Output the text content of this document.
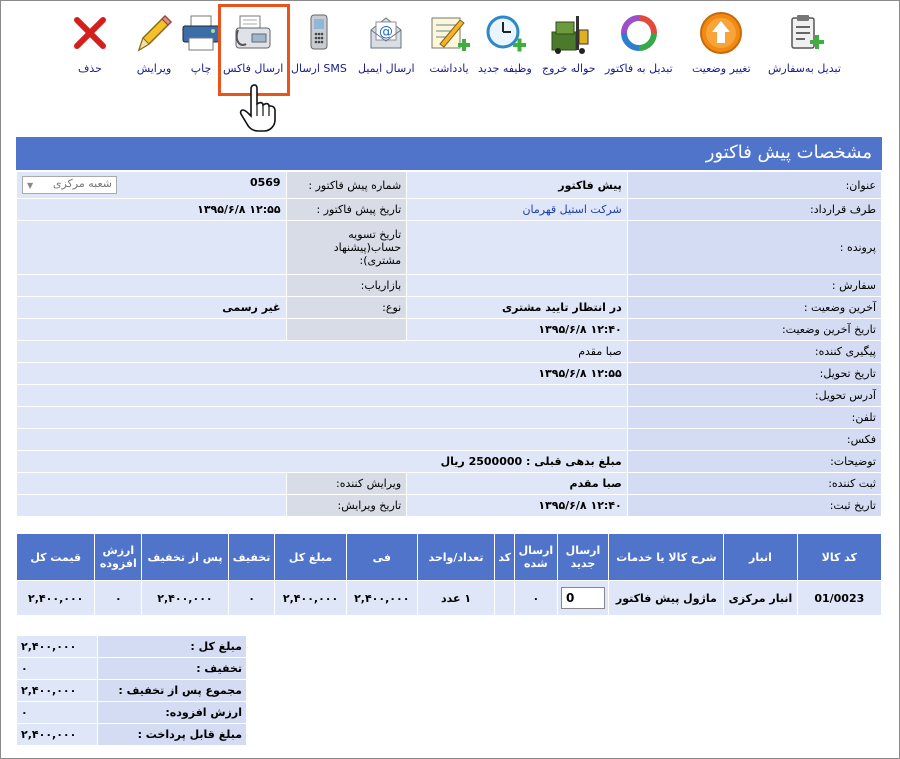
تبدیل به‌سفارش
تغییر وضعیت
تبدیل به فاکتور
حواله خروج
وظیفه جدید
یادداشت
@
ارسال ایمیل
ارسال SMS
ارسال فاکس
چاپ
ویرایش
حذف
مشخصات پیش فاکتور
عنوان:	پیش فاکتور	شماره پیش فاکتور :	0569
شعبه مرکزی
▼

طرف قرارداد:	شرکت استیل قهرمان	تاریخ پیش فاکتور :	۱۲:۵۵ ۱۳۹۵/۶/۸
پرونده :		تاریخ تسویه حساب(پیشنهاد مشتری):	
سفارش :		بازاریاب:	
آخرین وضعیت :	در انتظار تایید مشتری	نوع:	غیر رسمی
تاریخ آخرین وضعیت:	۱۲:۴۰ ۱۳۹۵/۶/۸		
پیگیری کننده:	صبا مقدم		
تاریخ تحویل:	۱۲:۵۵ ۱۳۹۵/۶/۸		
آدرس تحویل:			
تلفن:			
فکس:			
توضیحات:	مبلغ بدهی قبلی : 2500000 ریال		
ثبت کننده:	صبا مقدم	ویرایش کننده:	
تاریخ ثبت:	۱۲:۴۰ ۱۳۹۵/۶/۸	تاریخ ویرایش:	
کد کالا	انبار	شرح کالا یا خدمات	ارسال جدید	ارسال شده	کد	تعداد/واحد	فی	مبلغ کل	تخفیف	پس از تخفیف	ارزش افزوده	قیمت کل
01/0023	انبار مرکزی	ماژول پیش فاکتور	0	۰		۱ عدد	۲,۴۰۰,۰۰۰	۲,۴۰۰,۰۰۰	۰	۲,۴۰۰,۰۰۰	۰	۲,۴۰۰,۰۰۰
مبلغ کل :	۲,۴۰۰,۰۰۰
تخفیف :	۰
مجموع پس از تخفیف :	۲,۴۰۰,۰۰۰
ارزش افزوده:	۰
مبلغ قابل پرداخت :	۲,۴۰۰,۰۰۰
